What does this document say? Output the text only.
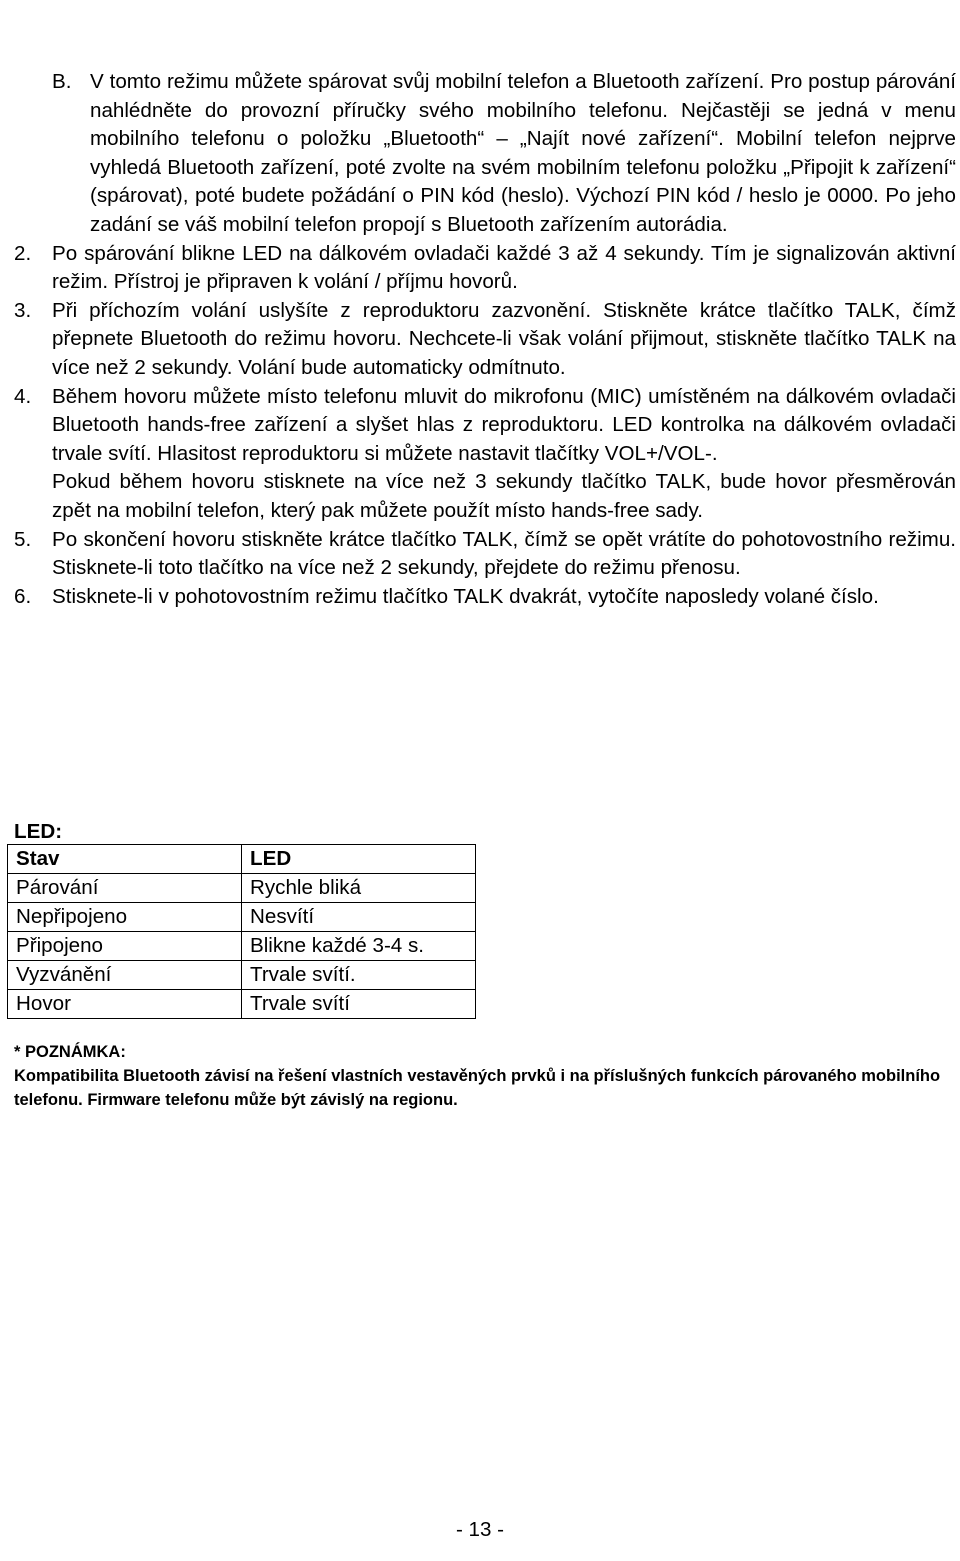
B. V tomto režimu můžete spárovat svůj mobilní telefon a Bluetooth zařízení. Pro postup párování nahlédněte do provozní příručky svého mobilního telefonu. Nejčastěji se jedná v menu mobilního telefonu o položku „Bluetooth“ – „Najít nové zařízení“. Mobilní telefon nejprve vyhledá Bluetooth zařízení, poté zvolte na svém mobilním telefonu položku „Připojit k zařízení“ (spárovat), poté budete požádání o PIN kód (heslo). Výchozí PIN kód / heslo je 0000. Po jeho zadání se váš mobilní telefon propojí s Bluetooth zařízením autorádia.
2.	Po spárování blikne LED na dálkovém ovladači každé 3 až 4 sekundy. Tím je signalizován aktivní režim. Přístroj je připraven k volání / příjmu hovorů.
3.	Při příchozím volání uslyšíte z reproduktoru zazvonění. Stiskněte krátce tlačítko TALK, čímž přepnete Bluetooth do režimu hovoru. Nechcete-li však volání přijmout, stiskněte tlačítko TALK na více než 2 sekundy. Volání bude automaticky odmítnuto.
4.	Během hovoru můžete místo telefonu mluvit do mikrofonu (MIC) umístěném na dálkovém ovladači Bluetooth hands-free zařízení a slyšet hlas z reproduktoru. LED kontrolka na dálkovém ovladači trvale svítí. Hlasitost reproduktoru si můžete nastavit tlačítky VOL+/VOL-.
Pokud během hovoru stisknete na více než 3 sekundy tlačítko TALK, bude hovor přesměrován zpět na mobilní telefon, který pak můžete použít místo hands-free sady.
5.	Po skončení hovoru stiskněte krátce tlačítko TALK, čímž se opět vrátíte do pohotovostního režimu. Stisknete-li toto tlačítko na více než 2 sekundy, přejdete do režimu přenosu.
6.	Stisknete-li v pohotovostním režimu tlačítko TALK dvakrát, vytočíte naposledy volané číslo.
LED:
Stav	LED
Párování	Rychle bliká
Nepřipojeno	Nesvítí
Připojeno	Blikne každé 3-4 s.
Vyzvánění	Trvale svítí.
Hovor	Trvale svítí
* POZNÁMKA:
Kompatibilita Bluetooth závisí na řešení vlastních vestavěných prvků i na příslušných funkcích párovaného mobilního telefonu. Firmware telefonu může být závislý na regionu.
- 13 -
